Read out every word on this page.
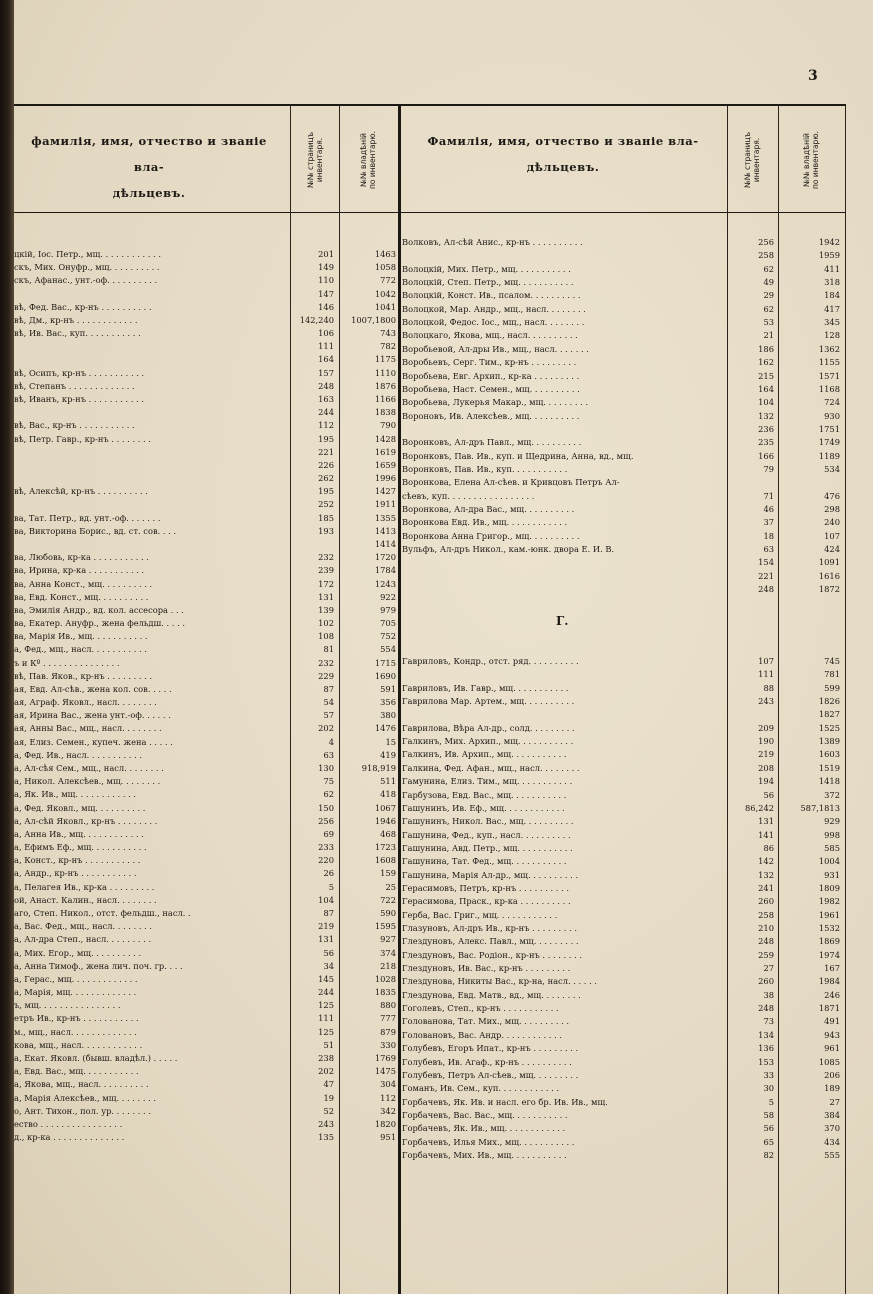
3
фамилія, имя, отчество и званіе вла-
дѣльцевъ.
№№ страницъ
инвентаря.	№№ владѣній
по инвентарю.	Фамилія, имя, отчество и званіе вла-
дѣльцевъ.
№№ страницъ
инвентаря.	№№ владѣній
по инвентарю.
Г.
цкій, Іос. Петр., мщ. . . . . . . . . . . .	201	1463
скъ, Мих. Онуфр., мщ. . . . . . . . . .	149	1058
скъ, Афанас., унт.-оф. . . . . . . . . .	110	772
147	1042
вѣ, Фед. Вас., кр-нъ . . . . . . . . . .	146	1041
вѣ, Дм., кр-нъ . . . . . . . . . . . .	142,240	1007,1800
вѣ, Ив. Вас., куп. . . . . . . . . . .	106	743
111	782
164	1175
вѣ, Осипъ, кр-нъ . . . . . . . . . . .	157	1110
вѣ, Степанъ . . . . . . . . . . . . .	248	1876
вѣ, Иванъ, кр-нъ . . . . . . . . . . .	163	1166
244	1838
вѣ, Вас., кр-нъ . . . . . . . . . . .	112	790
вѣ, Петр. Гавр., кр-нъ . . . . . . . .	195	1428
221	1619
226	1659
262	1996
вѣ, Алексѣй, кр-нъ . . . . . . . . . .	195	1427
252	1911
ва, Тат. Петр., вд. унт.-оф. . . . . . .	185	1355
ва, Викторина Борис., вд. ст. сов. . . .	193	1413
1414
ва, Любовь, кр-ка . . . . . . . . . . .	232	1720
ва, Ирина, кр-ка . . . . . . . . . . .	239	1784
ва, Анна Конст., мщ. . . . . . . . . .	172	1243
ва, Евд. Конст., мщ. . . . . . . . . .	131	922
ва, Эмилія Андр., вд. кол. ассесора . . .	139	979
ва, Екатер. Ануфр., жена фельдш. . . . .	102	705
ва, Марія Ив., мщ. . . . . . . . . . .	108	752
а, Фед., мщ., насл. . . . . . . . . . .	81	554
ъ и Кº . . . . . . . . . . . . . . .	232	1715
вѣ, Пав. Яков., кр-нъ . . . . . . . . .	229	1690
ая, Евд. Ал-сѣв., жена кол. сов. . . . .	87	591
ая, Аграф. Яковл., насл. . . . . . . .	54	356
ая, Ирина Вас., жена унт.-оф. . . . . .	57	380
ая, Анны Вас., мщ., насл. . . . . . . .	202	1476
ая, Елиз. Семен., купеч. жена . . . . .	4	15
а, Фед. Ив., насл. . . . . . . . . . .	63	419
а, Ал-сѣя Сем., мщ., насл. . . . . . . .	130	918,919
а, Никол. Алексѣев., мщ. . . . . . . .	75	511
а, Як. Ив., мщ. . . . . . . . . . . .	62	418
а, Фед. Яковл., мщ. . . . . . . . . .	150	1067
а, Ал-сѣй Яковл., кр-нъ . . . . . . . .	256	1946
а, Анна Ив., мщ. . . . . . . . . . . .	69	468
а, Ефимъ Еф., мщ. . . . . . . . . . .	233	1723
а, Конст., кр-нъ . . . . . . . . . . .	220	1608
а, Андр., кр-нъ . . . . . . . . . . .	26	159
а, Пелагея Ив., кр-ка . . . . . . . . .	5	25
ой, Анаст. Калин., насл. . . . . . . .	104	722
аго, Степ. Никол., отст. фельдш., насл. .	87	590
а, Вас. Фед., мщ., насл. . . . . . . .	219	1595
а, Ал-дра Степ., насл. . . . . . . . .	131	927
а, Мих. Егор., мщ. . . . . . . . . .	56	374
а, Анна Тимоф., жена лич. поч. гр. . . .	34	218
а, Герас., мщ. . . . . . . . . . . . .	145	1028
а, Марія, мщ. . . . . . . . . . . . .	244	1835
ъ, мщ. . . . . . . . . . . . . . . .	125	880
етръ Ив., кр-нъ . . . . . . . . . . .	111	777
м., мщ., насл. . . . . . . . . . . . .	125	879
кова, мщ., насл. . . . . . . . . . . .	51	330
а, Екат. Яковл. (бывш. владѣл.) . . . . .	238	1769
а, Евд. Вас., мщ. . . . . . . . . . .	202	1475
а, Якова, мщ., насл. . . . . . . . . .	47	304
а, Марія Алексѣев., мщ. . . . . . . .	19	112
о, Ант. Тихон., пол. ур. . . . . . . .	52	342
ество . . . . . . . . . . . . . . . .	243	1820
д., кр-ка . . . . . . . . . . . . . .	135	951
Волковъ, Ал-сѣй Анис., кр-нъ . . . . . . . . . .	256	1942
258	1959
Волоцкій, Мих. Петр., мщ. . . . . . . . . . .	62	411
Волоцкій, Степ. Петр., мщ. . . . . . . . . . .	49	318
Волоцкій, Конст. Ив., псалом. . . . . . . . . .	29	184
Волоцкой, Мар. Андр., мщ., насл. . . . . . . .	62	417
Волоцкой, Федос. Іос., мщ., насл. . . . . . . .	53	345
Волоцкаго, Якова, мщ., насл. . . . . . . . . .	21	128
Воробьевой, Ал-дры Ив., мщ., насл. . . . . . .	186	1362
Воробьевъ, Серг. Тим., кр-нъ . . . . . . . . .	162	1155
Воробьева, Евг. Архип., кр-ка . . . . . . . . .	215	1571
Воробьева, Наст. Семен., мщ. . . . . . . . . .	164	1168
Воробьева, Лукерья Макар., мщ. . . . . . . . .	104	724
Вороновъ, Ив. Алексѣев., мщ. . . . . . . . . .	132	930
236	1751
Воронковъ, Ал-дръ Павл., мщ. . . . . . . . . .	235	1749
Воронковъ, Пав. Ив., куп. и Щедрина, Анна, вд., мщ.	166	1189
Воронковъ, Пав. Ив., куп. . . . . . . . . . .	79	534
Воронкова, Елена Ал-сѣев. и Кривцовъ Петръ Ал-
сѣевъ, куп. . . . . . . . . . . . . . . . .	71	476
Воронкова, Ал-дра Вас., мщ. . . . . . . . . .	46	298
Воронкова Евд. Ив., мщ. . . . . . . . . . . .	37	240
Воронкова Анна Григор., мщ. . . . . . . . . .	18	107
Вульфъ, Ал-дръ Никол., кам.-юнк. двора Е. И. В.	63	424
154	1091
221	1616
248	1872
Гавриловъ, Кондр., отст. ряд. . . . . . . . . .	107	745
111	781
Гавриловъ, Ив. Гавр., мщ. . . . . . . . . . .	88	599
Гаврилова Мар. Артем., мщ. . . . . . . . . .	243	1826
1827
Гаврилова, Вѣра Ал-др., солд. . . . . . . . .	209	1525
Галкинъ, Мих. Архип., мщ. . . . . . . . . . .	190	1389
Галкинъ, Ив. Архип., мщ. . . . . . . . . . .	219	1603
Галкина, Фед. Афан., мщ., насл. . . . . . . .	208	1519
Гамунина, Елиз. Тим., мщ. . . . . . . . . . .	194	1418
Гарбузова, Евд. Вас., мщ. . . . . . . . . . .	56	372
Гашунинъ, Ив. Еф., мщ. . . . . . . . . . . .	86,242	587,1813
Гашунинъ, Никол. Вас., мщ. . . . . . . . . .	131	929
Гашунина, Фед., куп., насл. . . . . . . . . .	141	998
Гашунина, Авд. Петр., мщ. . . . . . . . . . .	86	585
Гашунина, Тат. Фед., мщ. . . . . . . . . . .	142	1004
Гашунина, Марія Ал-др., мщ. . . . . . . . . .	132	931
Герасимовъ, Петръ, кр-нъ . . . . . . . . . .	241	1809
Герасимова, Праск., кр-ка . . . . . . . . . .	260	1982
Герба, Вас. Григ., мщ. . . . . . . . . . . .	258	1961
Глазуновъ, Ал-дръ Ив., кр-нъ . . . . . . . . .	210	1532
Глездуновъ, Алекс. Павл., мщ. . . . . . . . .	248	1869
Глездуновъ, Вас. Родіон., кр-нъ . . . . . . . .	259	1974
Глездуновъ, Ив. Вас., кр-нъ . . . . . . . . .	27	167
Глездунова, Никиты Вас., кр-на, насл. . . . . .	260	1984
Глездунова, Евд. Матв., вд., мщ. . . . . . . .	38	246
Гоголевъ, Степ., кр-нъ . . . . . . . . . . .	248	1871
Голованова, Тат. Мих., мщ. . . . . . . . . .	73	491
Головановъ, Вас. Андр. . . . . . . . . . . .	134	943
Голубевъ, Егоръ Ипат., кр-нъ . . . . . . . . .	136	961
Голубевъ, Ив. Агаф., кр-нъ . . . . . . . . . .	153	1085
Голубевъ, Петръ Ал-сѣев., мщ. . . . . . . . .	33	206
Гоманъ, Ив. Сем., куп. . . . . . . . . . . .	30	189
Горбачевъ, Як. Ив. и насл. его бр. Ив. Ив., мщ.	5	27
Горбачевъ, Вас. Вас., мщ. . . . . . . . . . .	58	384
Горбачевъ, Як. Ив., мщ. . . . . . . . . . . .	56	370
Горбачевъ, Илья Мих., мщ. . . . . . . . . . .	65	434
Горбачевъ, Мих. Ив., мщ. . . . . . . . . . .	82	555
